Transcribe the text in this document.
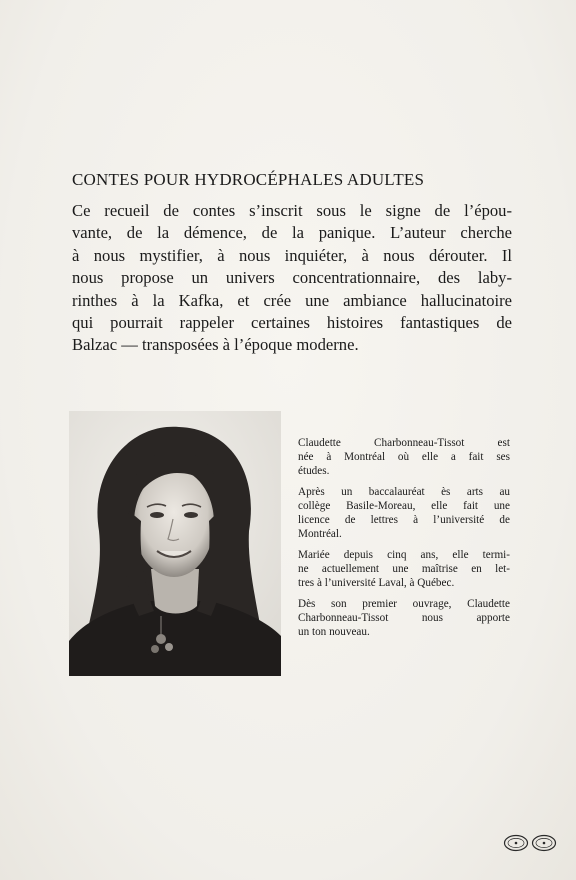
CONTES POUR HYDROCÉPHALES ADULTES
Ce recueil de contes s’inscrit sous le signe de l’épou-
vante, de la démence, de la panique. L’auteur cherche
à nous mystifier, à nous inquiéter, à nous dérouter. Il
nous propose un univers concentrationnaire, des laby-
rinthes à la Kafka, et crée une ambiance hallucinatoire
qui pourrait rappeler certaines histoires fantastiques de
Balzac — transposées à l’époque moderne.
Claudette Charbonneau-Tissot est
née à Montréal où elle a fait ses
études.
Après un baccalauréat ès arts au
collège Basile-Moreau, elle fait une
licence de lettres à l’université de
Montréal.
Mariée depuis cinq ans, elle termi-
ne actuellement une maîtrise en let-
tres à l’université Laval, à Québec.
Dès son premier ouvrage, Claudette
Charbonneau-Tissot nous apporte
un ton nouveau.
